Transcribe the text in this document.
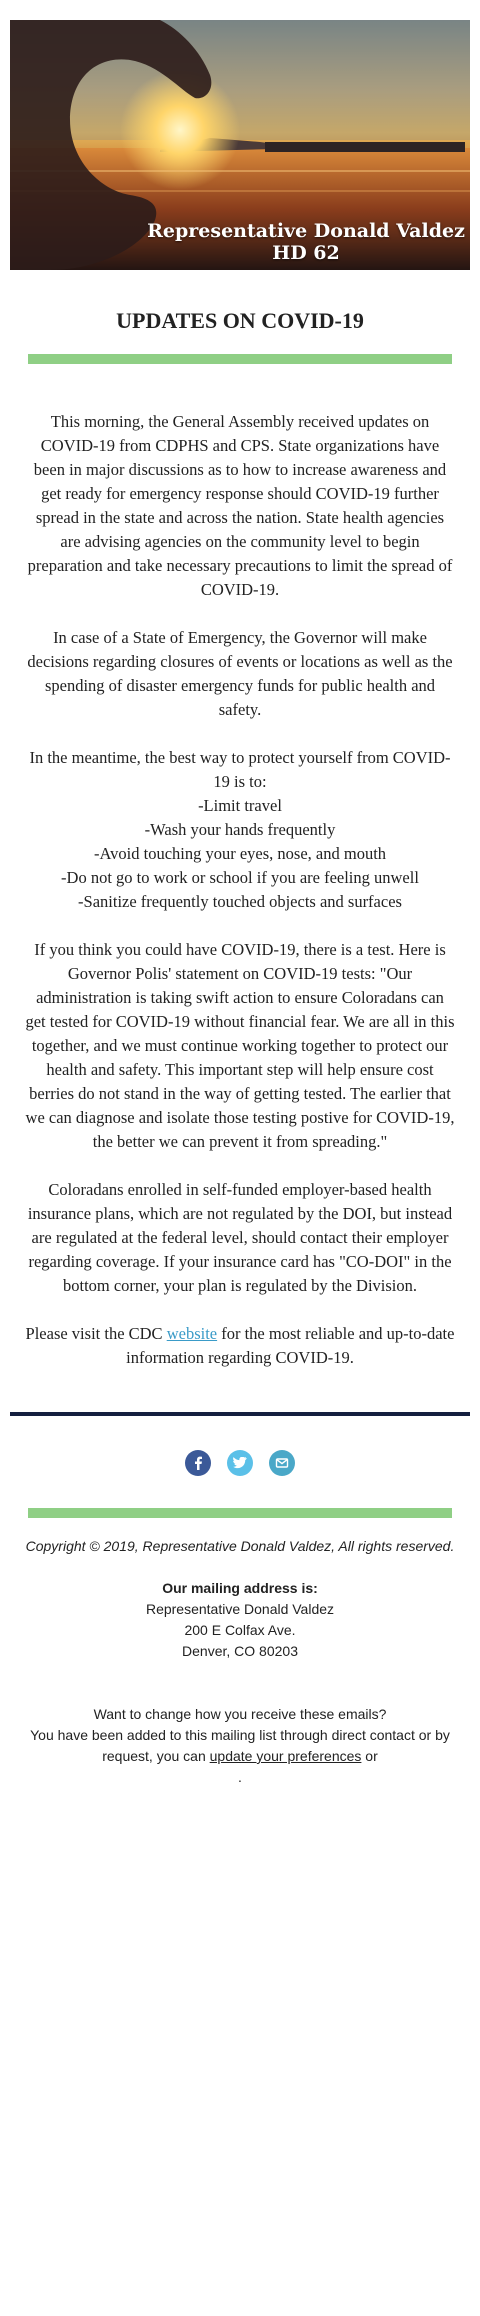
Representative Donald Valdez
HD 62
UPDATES ON COVID-19

This morning, the General Assembly received updates on COVID-19 from CDPHS and CPS. State organizations have been in major discussions as to how to increase awareness and get ready for emergency response should COVID-19 further spread in the state and across the nation. State health agencies are advising agencies on the community level to begin preparation and take necessary precautions to limit the spread of COVID-19.

In case of a State of Emergency, the Governor will make decisions regarding closures of events or locations as well as the spending of disaster emergency funds for public health and safety.

In the meantime, the best way to protect yourself from COVID-19 is to:
-Limit travel
-Wash your hands frequently
-Avoid touching your eyes, nose, and mouth
-Do not go to work or school if you are feeling unwell
-Sanitize frequently touched objects and surfaces

If you think you could have COVID-19, there is a test. Here is Governor Polis' statement on COVID-19 tests: "Our administration is taking swift action to ensure Coloradans can get tested for COVID-19 without financial fear. We are all in this together, and we must continue working together to protect our health and safety. This important step will help ensure cost berries do not stand in the way of getting tested. The earlier that we can diagnose and isolate those testing postive for COVID-19, the better we can prevent it from spreading."

Coloradans enrolled in self-funded employer-based health insurance plans, which are not regulated by the DOI, but instead are regulated at the federal level, should contact their employer regarding coverage. If your insurance card has "CO-DOI" in the bottom corner, your plan is regulated by the Division.

Please visit the CDC website for the most reliable and up-to-date information regarding COVID-19.

Copyright © 2019, Representative Donald Valdez, All rights reserved.

Our mailing address is:

Representative Donald Valdez

200 E Colfax Ave.

Denver, CO 80203

Want to change how you receive these emails?
You have been added to this mailing list through direct contact or by request, you can update your preferences or
.
